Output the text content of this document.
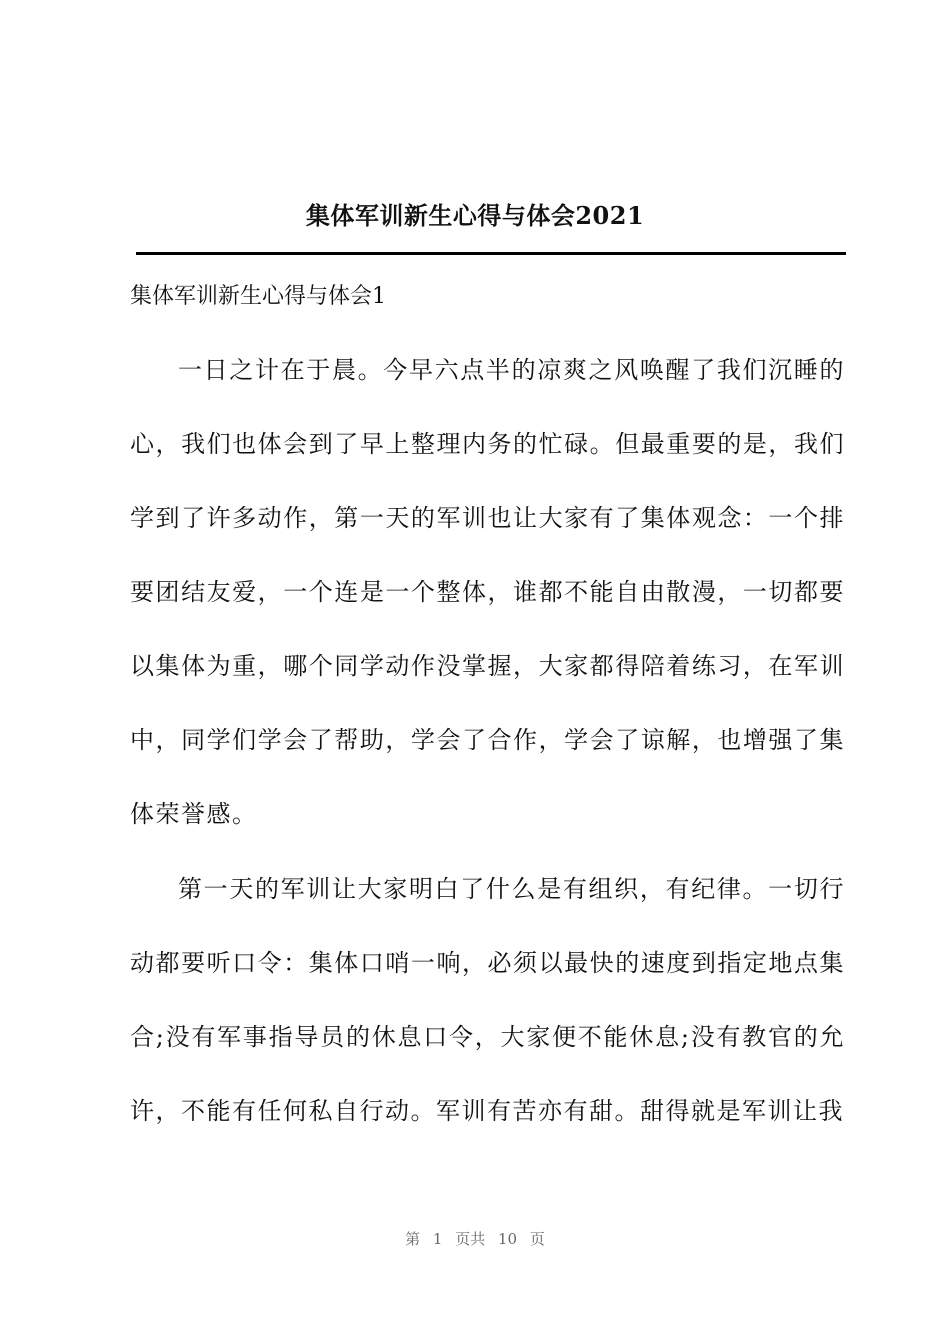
集体军训新生心得与体会2021
集体军训新生心得与体会1

一日之计在于晨。今早六点半的凉爽之风唤醒了我们沉睡的心，我们也体会到了早上整理内务的忙碌。但最重要的是，我们学到了许多动作，第一天的军训也让大家有了集体观念：一个排要团结友爱，一个连是一个整体，谁都不能自由散漫，一切都要以集体为重，哪个同学动作没掌握，大家都得陪着练习，在军训中，同学们学会了帮助，学会了合作，学会了谅解，也增强了集体荣誉感。

第一天的军训让大家明白了什么是有组织，有纪律。一切行动都要听口令：集体口哨一响，必须以最快的速度到指定地点集合;没有军事指导员的休息口令，大家便不能休息;没有教官的允许，不能有任何私自行动。军训有苦亦有甜。甜得就是军训让我

第 1 页共 10 页
